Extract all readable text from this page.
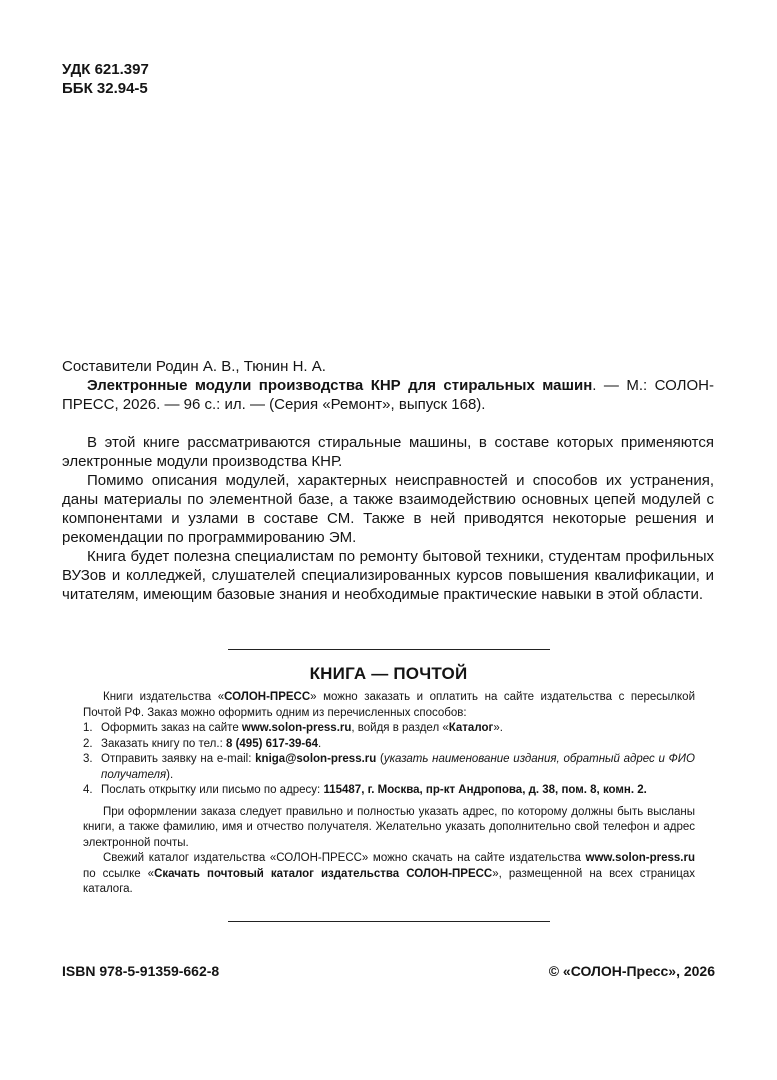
УДК 621.397
ББК 32.94-5

Составители Родин А. В., Тюнин Н. А.

Электронные модули производства КНР для стиральных машин. — М.: СОЛОН-ПРЕСС, 2026. — 96 с.: ил. — (Серия «Ремонт», выпуск 168).

В этой книге рассматриваются стиральные машины, в составе которых применяются электронные модули производства КНР.

Помимо описания модулей, характерных неисправностей и способов их устранения, даны материалы по элементной базе, а также взаимодействию основных цепей модулей с компонентами и узлами в составе СМ. Также в ней приводятся некоторые решения и рекомендации по программированию ЭМ.

Книга будет полезна специалистам по ремонту бытовой техники, студентам профильных ВУЗов и колледжей, слушателей специализированных курсов повышения квалификации, и читателям, имеющим базовые знания и необходимые практические навыки в этой области.

КНИГА — ПОЧТОЙ

Книги издательства «СОЛОН-ПРЕСС» можно заказать и оплатить на сайте издательства с пересылкой Почтой РФ. Заказ можно оформить одним из перечисленных способов:

1. Оформить заказ на сайте www.solon-press.ru, войдя в раздел «Каталог».
2. Заказать книгу по тел.: 8 (495) 617-39-64.
3. Отправить заявку на e-mail: kniga@solon-press.ru (указать наименование издания, обратный адрес и ФИО получателя).
4. Послать открытку или письмо по адресу: 115487, г. Москва, пр-кт Андропова, д. 38, пом. 8, комн. 2.

При оформлении заказа следует правильно и полностью указать адрес, по которому должны быть высланы книги, а также фамилию, имя и отчество получателя. Желательно указать дополнительно свой телефон и адрес электронной почты.

Свежий каталог издательства «СОЛОН-ПРЕСС» можно скачать на сайте издательства www.solon-press.ru по ссылке «Скачать почтовый каталог издательства СОЛОН-ПРЕСС», размещенной на всех страницах каталога.

ISBN 978-5-91359-662-8	© «СОЛОН-Пресс», 2026
